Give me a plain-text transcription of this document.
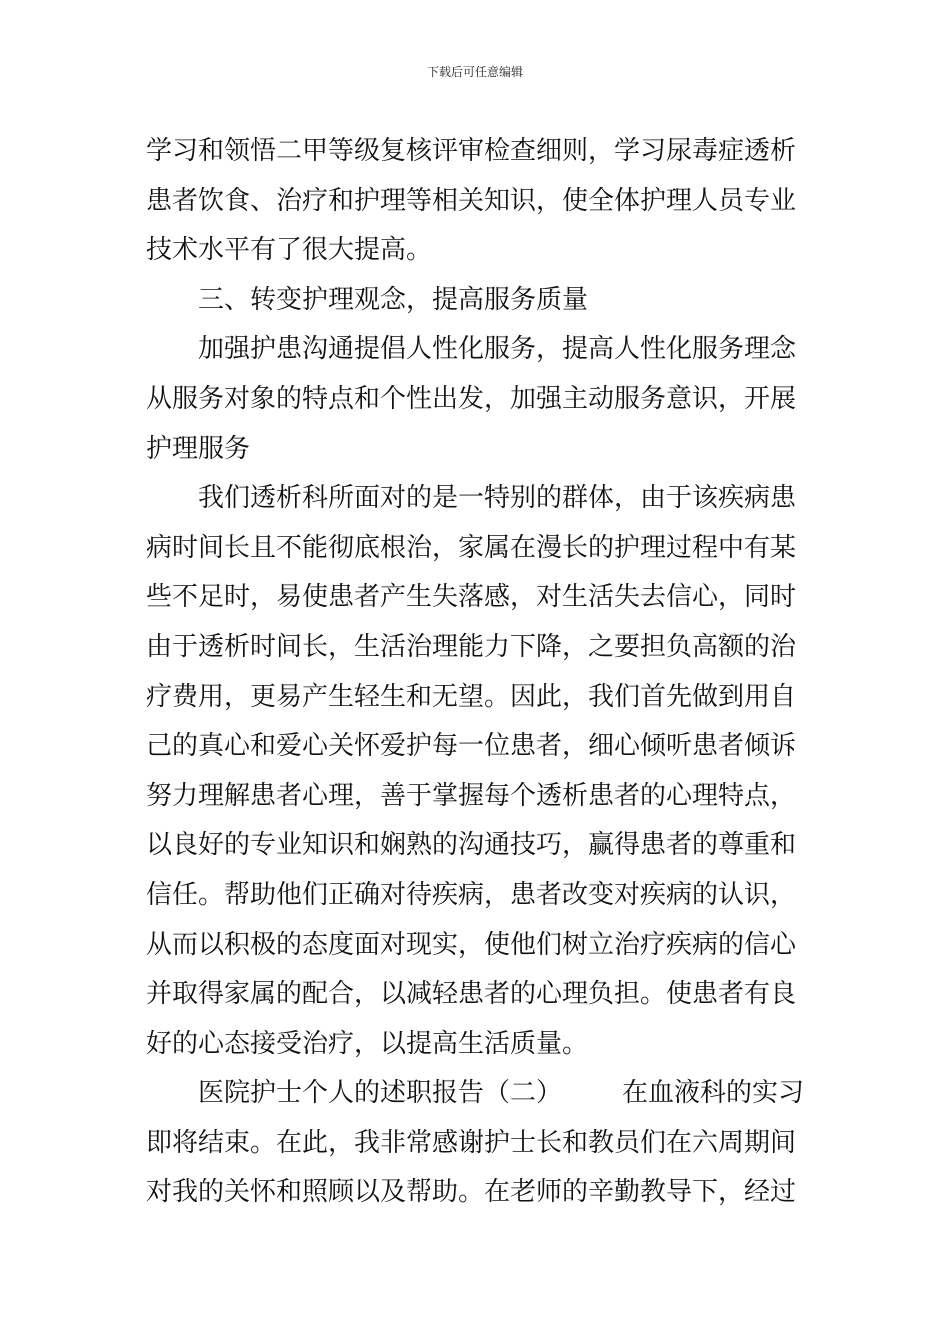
下载后可任意编辑
学习和领悟二甲等级复核评审检查细则，学习尿毒症透析
患者饮食、治疗和护理等相关知识，使全体护理人员专业
技术水平有了很大提高。
　　三、转变护理观念，提高服务质量
　　加强护患沟通提倡人性化服务，提高人性化服务理念
从服务对象的特点和个性出发，加强主动服务意识，开展
护理服务
　　我们透析科所面对的是一特别的群体，由于该疾病患
病时间长且不能彻底根治，家属在漫长的护理过程中有某
些不足时，易使患者产生失落感，对生活失去信心，同时
由于透析时间长，生活治理能力下降，之要担负高额的治
疗费用，更易产生轻生和无望。因此，我们首先做到用自
己的真心和爱心关怀爱护每一位患者，细心倾听患者倾诉
努力理解患者心理，善于掌握每个透析患者的心理特点，
以良好的专业知识和娴熟的沟通技巧，赢得患者的尊重和
信任。帮助他们正确对待疾病，患者改变对疾病的认识，
从而以积极的态度面对现实，使他们树立治疗疾病的信心
并取得家属的配合，以减轻患者的心理负担。使患者有良
好的心态接受治疗，以提高生活质量。
　　医院护士个人的述职报告（二） 在血液科的实习
即将结束。在此，我非常感谢护士长和教员们在六周期间
对我的关怀和照顾以及帮助。在老师的辛勤教导下，经过
